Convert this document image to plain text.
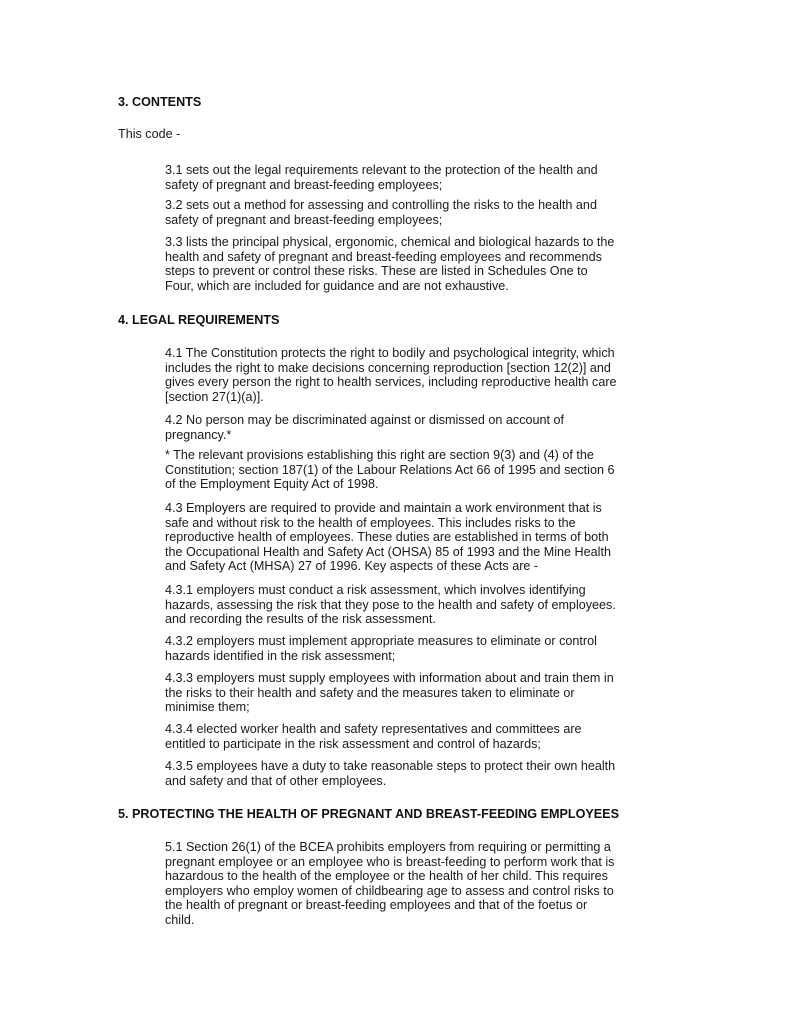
3. CONTENTS
This code -
3.1 sets out the legal requirements relevant to the protection of the health and
safety of pregnant and breast-feeding employees;
3.2 sets out a method for assessing and controlling the risks to the health and
safety of pregnant and breast-feeding employees;
3.3 lists the principal physical, ergonomic, chemical and biological hazards to the
health and safety of pregnant and breast-feeding employees and recommends
steps to prevent or control these risks. These are listed in Schedules One to
Four, which are included for guidance and are not exhaustive.
4. LEGAL REQUIREMENTS
4.1 The Constitution protects the right to bodily and psychological integrity, which
includes the right to make decisions concerning reproduction [section 12(2)] and
gives every person the right to health services, including reproductive health care
[section 27(1)(a)].
4.2 No person may be discriminated against or dismissed on account of
pregnancy.*
* The relevant provisions establishing this right are section 9(3) and (4) of the
Constitution; section 187(1) of the Labour Relations Act 66 of 1995 and section 6
of the Employment Equity Act of 1998.
4.3 Employers are required to provide and maintain a work environment that is
safe and without risk to the health of employees. This includes risks to the
reproductive health of employees. These duties are established in terms of both
the Occupational Health and Safety Act (OHSA) 85 of 1993 and the Mine Health
and Safety Act (MHSA) 27 of 1996. Key aspects of these Acts are -
4.3.1 employers must conduct a risk assessment, which involves identifying
hazards, assessing the risk that they pose to the health and safety of employees.
and recording the results of the risk assessment.
4.3.2 employers must implement appropriate measures to eliminate or control
hazards identified in the risk assessment;
4.3.3 employers must supply employees with information about and train them in
the risks to their health and safety and the measures taken to eliminate or
minimise them;
4.3.4 elected worker health and safety representatives and committees are
entitled to participate in the risk assessment and control of hazards;
4.3.5 employees have a duty to take reasonable steps to protect their own health
and safety and that of other employees.
5. PROTECTING THE HEALTH OF PREGNANT AND BREAST-FEEDING EMPLOYEES
5.1 Section 26(1) of the BCEA prohibits employers from requiring or permitting a
pregnant employee or an employee who is breast-feeding to perform work that is
hazardous to the health of the employee or the health of her child. This requires
employers who employ women of childbearing age to assess and control risks to
the health of pregnant or breast-feeding employees and that of the foetus or
child.
